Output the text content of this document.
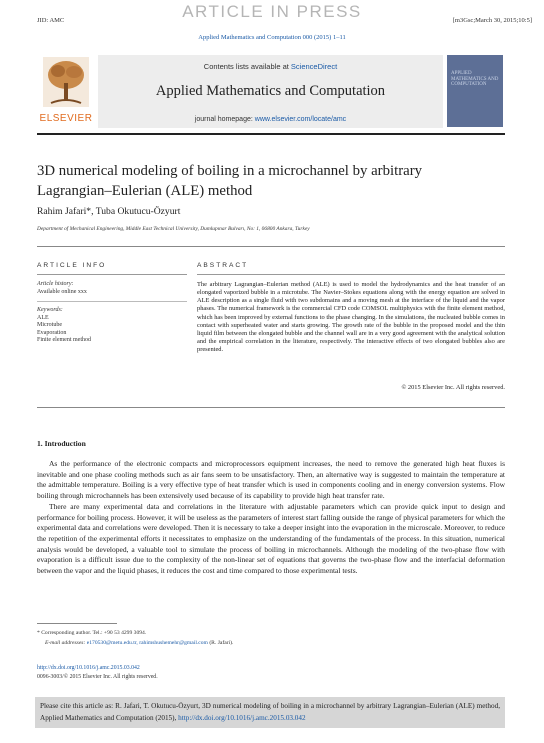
ARTICLE IN PRESS
JID: AMC	[m3Gsc;March 30, 2015;10:5]
Applied Mathematics and Computation 000 (2015) 1–11
ELSEVIER
Contents lists available at ScienceDirect
Applied Mathematics and Computation
journal homepage: www.elsevier.com/locate/amc
APPLIED MATHEMATICS AND COMPUTATION
3D numerical modeling of boiling in a microchannel by arbitrary Lagrangian–Eulerian (ALE) method
Rahim Jafari*, Tuba Okutucu-Özyurt
Department of Mechanical Engineering, Middle East Technical University, Dumlupınar Bulvarı, No: 1, 06800 Ankara, Turkey
ARTICLE INFO
Article history:
Available online xxx
Keywords:
ALE
Microtube
Evaporation
Finite element method
ABSTRACT
The arbitrary Lagrangian–Eulerian method (ALE) is used to model the hydrodynamics and the heat transfer of an elongated vaporized bubble in a microtube. The Navier–Stokes equations along with the energy equation are solved in ALE description as a single fluid with two subdomains and a moving mesh at the interface of the liquid and the vapor phases. The numerical framework is the commercial CFD code COMSOL multiphysics with the finite element method, which has been improved by external functions to the phase changing. In the simulations, the nucleated bubble comes in contact with superheated water and starts growing. The growth rate of the bubble in the proposed model and the thin liquid film between the elongated bubble and the channel wall are in a very good agreement with the analytical solution and the empirical correlation in the literature, respectively. The interactive effects of two elongated bubbles also are presented.
© 2015 Elsevier Inc. All rights reserved.
1. Introduction

As the performance of the electronic compacts and microprocessors equipment increases, the need to remove the generated high heat fluxes is inevitable and one phase cooling methods such as air fans seem to be unsatisfactory. Then, an alternative way is suggested to maintain the temperature at the admittable temperature. Boiling is a very effective type of heat transfer which is used in components cooling and in energy conversion systems. Flow boiling through microchannels has been extensively used because of its capability to provide high heat transfer rate.

There are many experimental data and correlations in the literature with adjustable parameters which can provide quick input to design and performance for boiling process. However, it will be useless as the parameters of interest start falling outside the range of physical parameters for which the experimental data and correlations were developed. Then it is necessary to take a deeper insight into the evaporation in the microscale. Moreover, to reduce the repetition of the experimental efforts it necessitates to emphasize on the understanding of the fundamentals of the process. In this situation, numerical analysis would be developed, a valuable tool to simulate the process of boiling in microchannels. Although the modeling of the two-phase flow with evaporation is a difficult issue due to the complexity of the non-linear set of equations that governs the two-phase flow and the interfacial deformation between the vapor and the liquid phases, it reduces the cost and time compared to those experimental tests.

* Corresponding author. Tel.: +90 53 4299 3094.
E-mail addresses: e170530@metu.edu.tr, rahimshushemehr@gmail.com (R. Jafari).
http://dx.doi.org/10.1016/j.amc.2015.03.042
0096-3003/© 2015 Elsevier Inc. All rights reserved.
Please cite this article as: R. Jafari, T. Okutucu-Özyurt, 3D numerical modeling of boiling in a microchannel by arbitrary Lagrangian–Eulerian (ALE) method, Applied Mathematics and Computation (2015), http://dx.doi.org/10.1016/j.amc.2015.03.042
